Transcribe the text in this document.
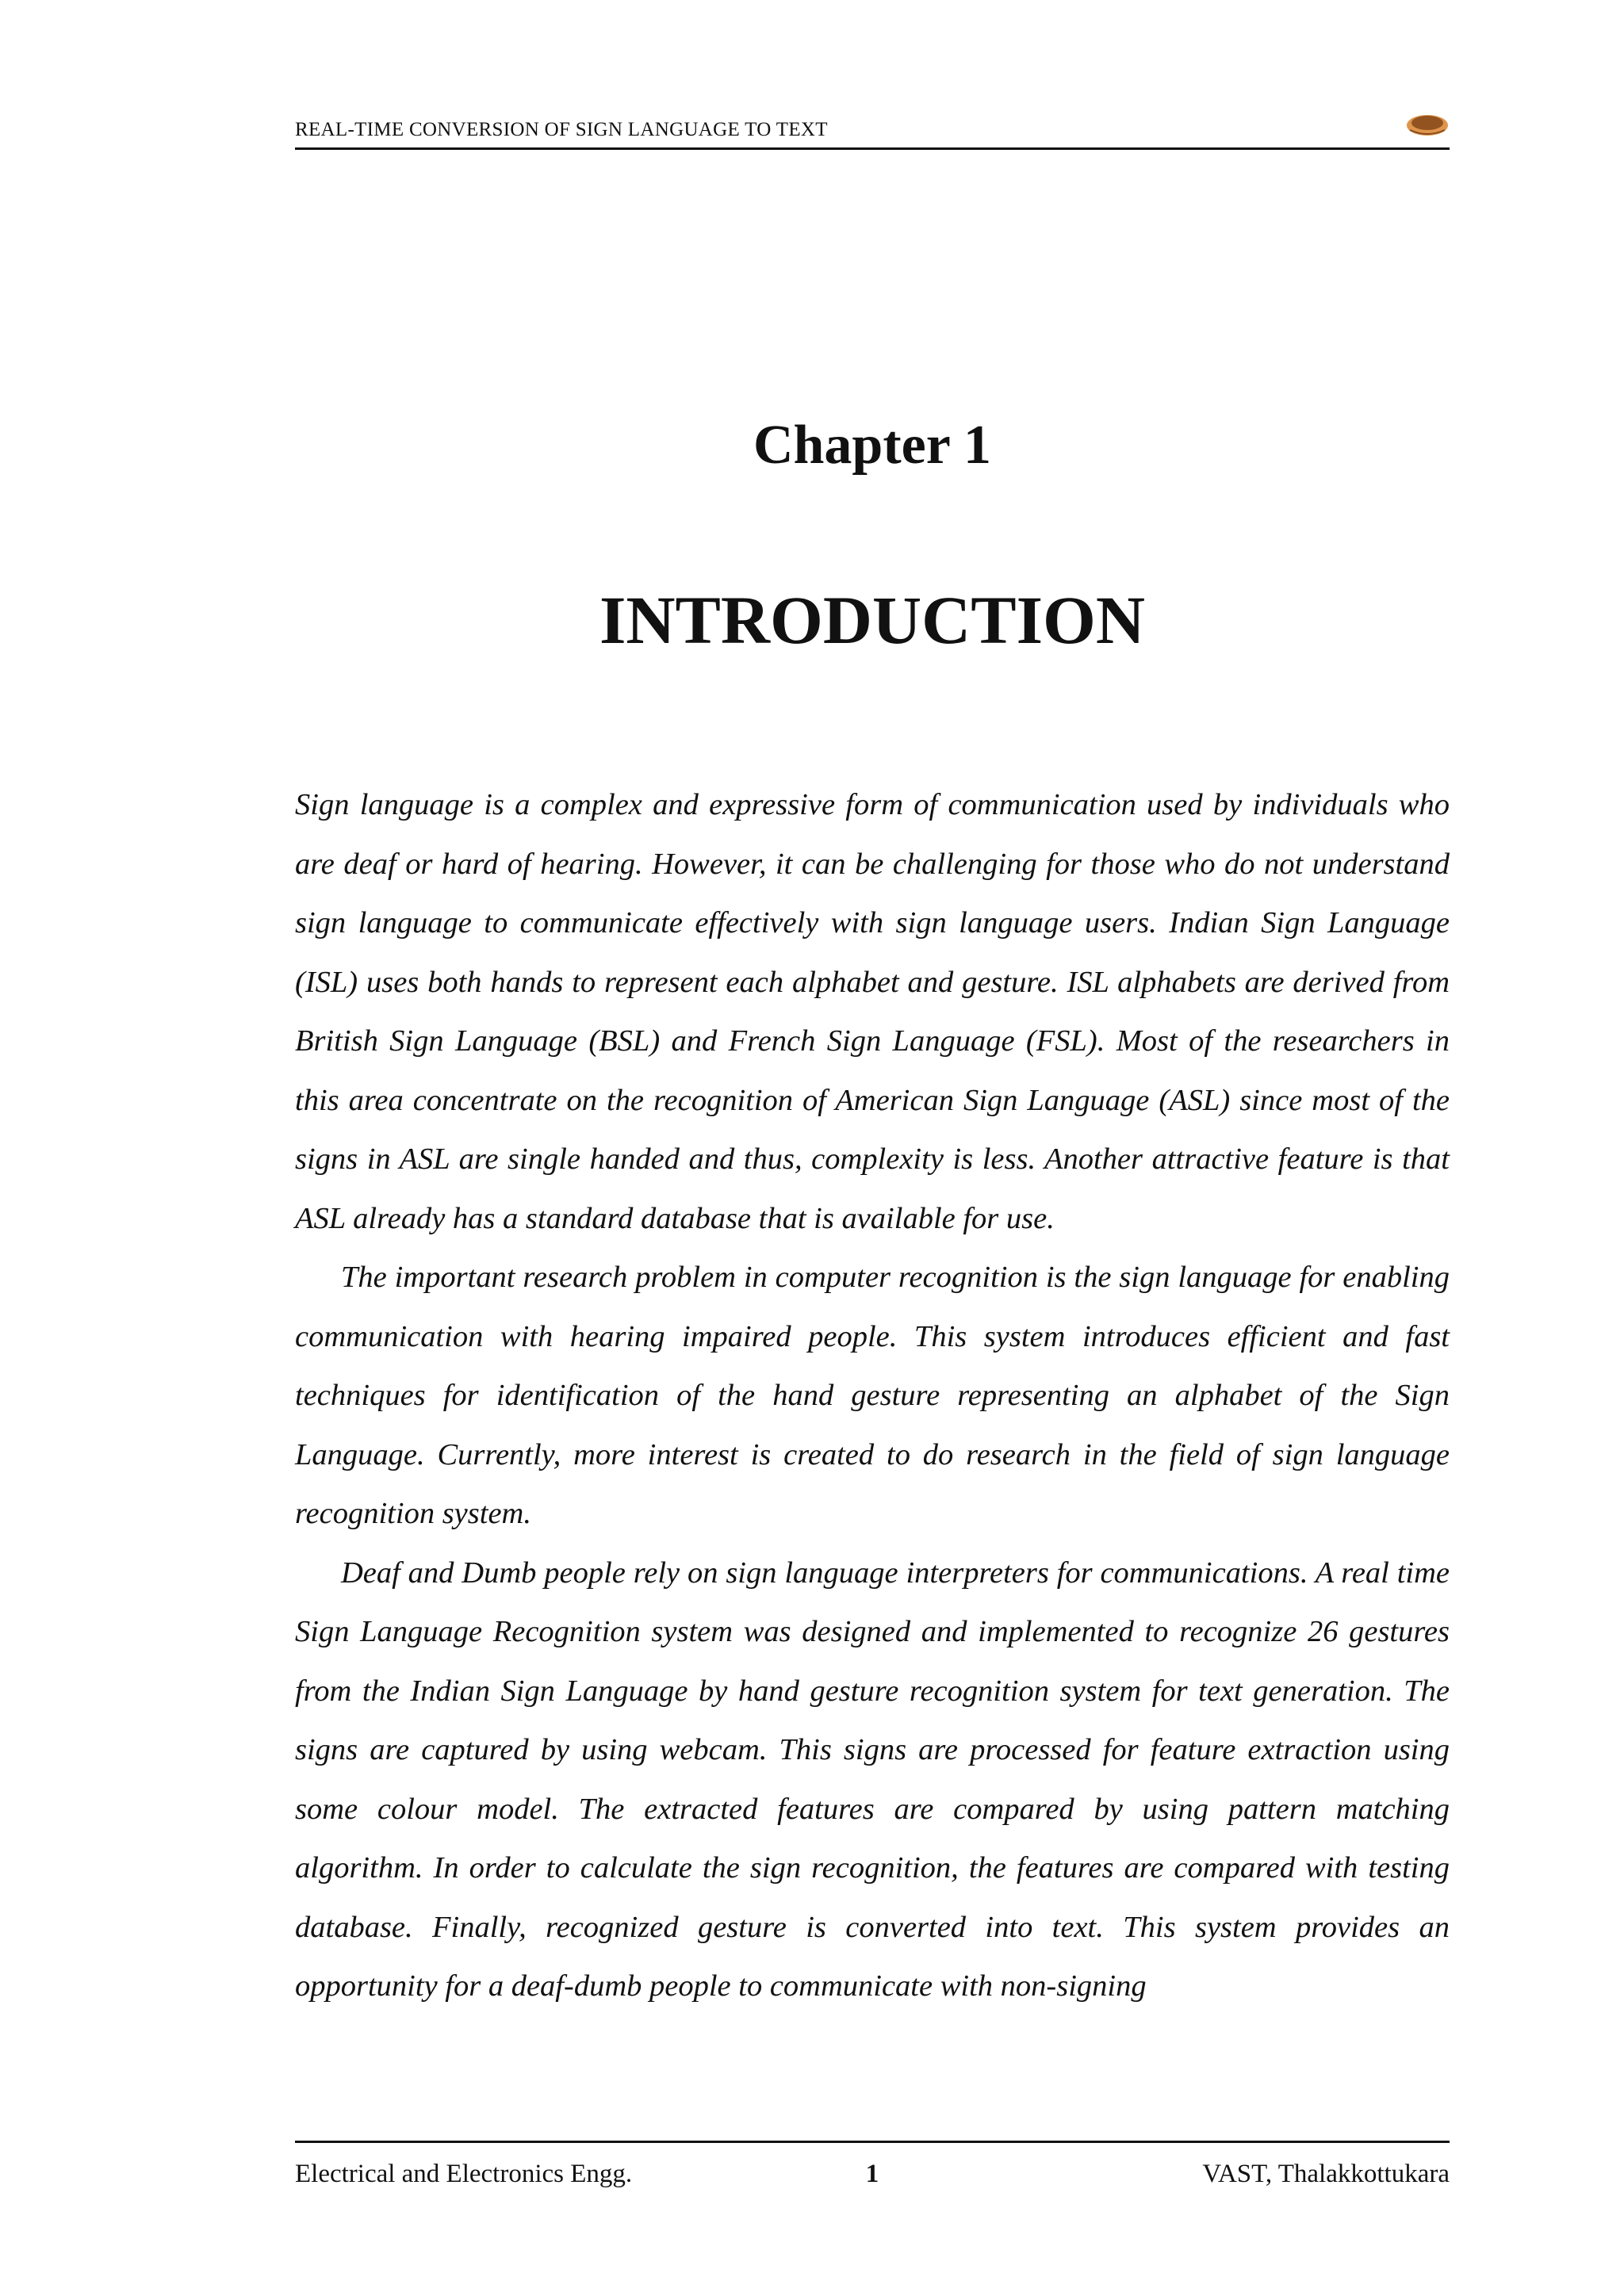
REAL-TIME CONVERSION OF SIGN LANGUAGE TO TEXT
Chapter 1
INTRODUCTION

Sign language is a complex and expressive form of communication used by individuals who are deaf or hard of hearing. However, it can be challenging for those who do not understand sign language to communicate effectively with sign language users. Indian Sign Language (ISL) uses both hands to represent each alphabet and gesture. ISL alphabets are derived from British Sign Language (BSL) and French Sign Language (FSL). Most of the researchers in this area concentrate on the recognition of American Sign Language (ASL) since most of the signs in ASL are single handed and thus, complexity is less. Another attractive feature is that ASL already has a standard database that is available for use.

The important research problem in computer recognition is the sign language for enabling communication with hearing impaired people. This system introduces efficient and fast techniques for identification of the hand gesture representing an alphabet of the Sign Language. Currently, more interest is created to do research in the field of sign language recognition system.

Deaf and Dumb people rely on sign language interpreters for communications. A real time Sign Language Recognition system was designed and implemented to recognize 26 gestures from the Indian Sign Language by hand gesture recognition system for text generation. The signs are captured by using webcam. This signs are processed for feature extraction using some colour model. The extracted features are compared by using pattern matching algorithm. In order to calculate the sign recognition, the features are compared with testing database. Finally, recognized gesture is converted into text. This system provides an opportunity for a deaf-dumb people to communicate with non-signing

Electrical and Electronics Engg.	1	VAST, Thalakkottukara
